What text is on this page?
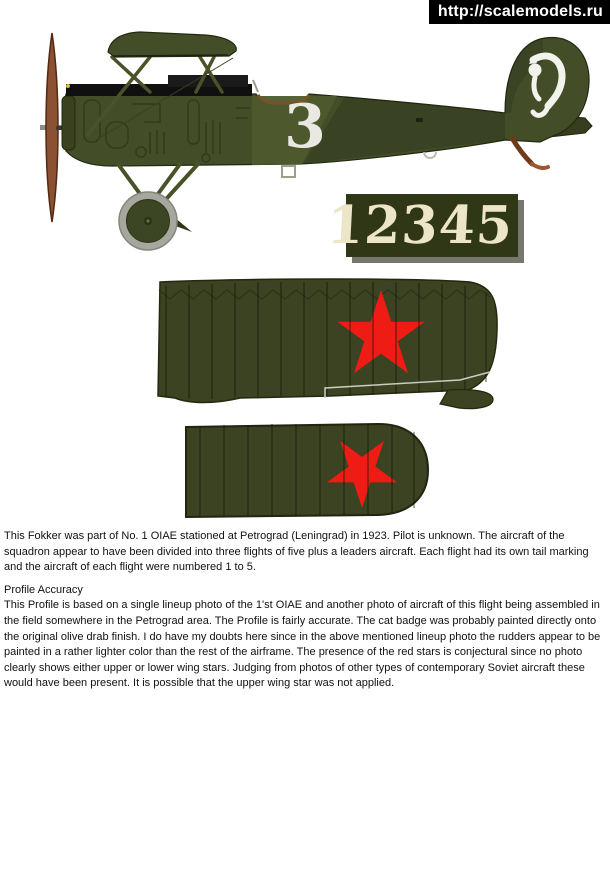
http://scalemodels.ru
3
12345
This Fokker was part of No. 1 OIAE stationed at Petrograd (Leningrad) in 1923. Pilot is unknown. The aircraft of the
squadron appear to have been divided into three flights of five plus a leaders aircraft. Each flight had its own tail marking
and the aircraft of each flight were numbered 1 to 5.
Profile Accuracy
This Profile is based on a single lineup photo of the 1'st OIAE and another photo of aircraft of this flight being assembled in
the field somewhere in the Petrograd area. The Profile is fairly accurate. The cat badge was probably painted directly onto
the original olive drab finish. I do have my doubts here since in the above mentioned lineup photo the rudders appear to be
painted in a rather lighter color than the rest of the airframe. The presence of the red stars is conjectural since no photo
clearly shows either upper or lower wing stars. Judging from photos of other types of contemporary Soviet aircraft these
would have been present. It is possible that the upper wing star was not applied.
